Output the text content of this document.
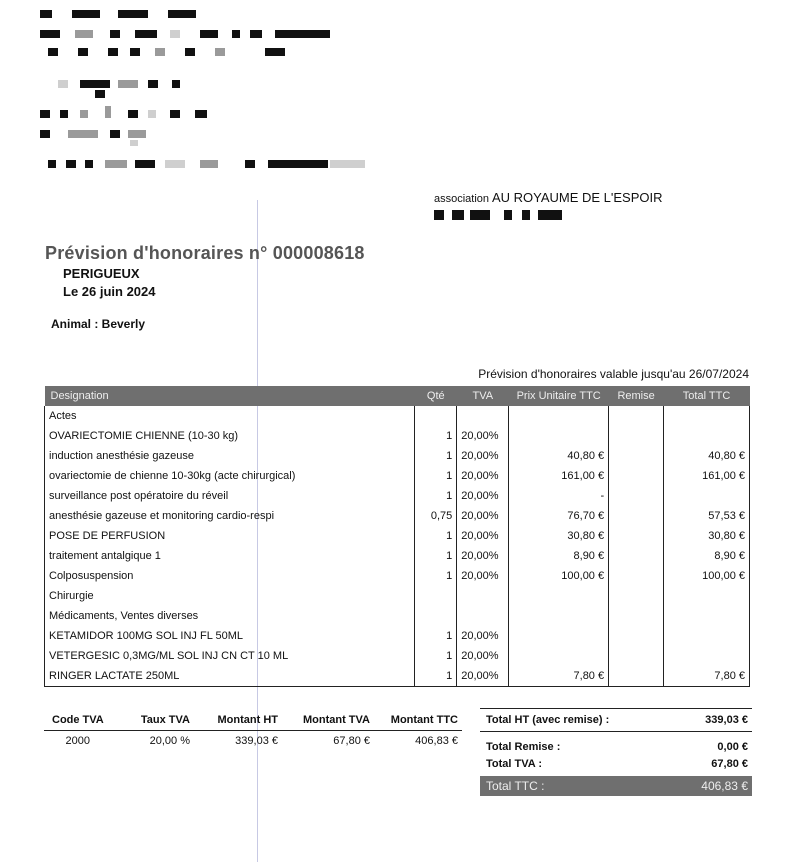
association AU ROYAUME DE L'ESPOIR
Prévision d'honoraires n° 000008618
PERIGUEUX
Le 26 juin 2024
Animal : Beverly
Prévision d'honoraires valable jusqu'au 26/07/2024
Designation	Qté	TVA	Prix Unitaire TTC	Remise	Total TTC
Actes					
OVARIECTOMIE CHIENNE (10-30 kg)	1	20,00%			
induction anesthésie gazeuse	1	20,00%	40,80 €		40,80 €
ovariectomie de chienne 10-30kg (acte chirurgical)	1	20,00%	161,00 €		161,00 €
surveillance post opératoire du réveil	1	20,00%	-		
anesthésie gazeuse et monitoring cardio-respi	0,75	20,00%	76,70 €		57,53 €
POSE DE PERFUSION	1	20,00%	30,80 €		30,80 €
traitement antalgique 1	1	20,00%	8,90 €		8,90 €
Colposuspension	1	20,00%	100,00 €		100,00 €
Chirurgie					
Médicaments, Ventes diverses					
KETAMIDOR 100MG SOL INJ FL 50ML	1	20,00%			
VETERGESIC 0,3MG/ML SOL INJ CN CT 10 ML	1	20,00%			
RINGER LACTATE 250ML	1	20,00%	7,80 €		7,80 €
Code TVA	Taux TVA	Montant HT	Montant TVA	Montant TTC
2000	20,00 %	339,03 €	67,80 €	406,83 €
Total HT (avec remise) :	339,03 €
Total Remise :	0,00 €
Total TVA :	67,80 €
Total TTC :	406,83 €
